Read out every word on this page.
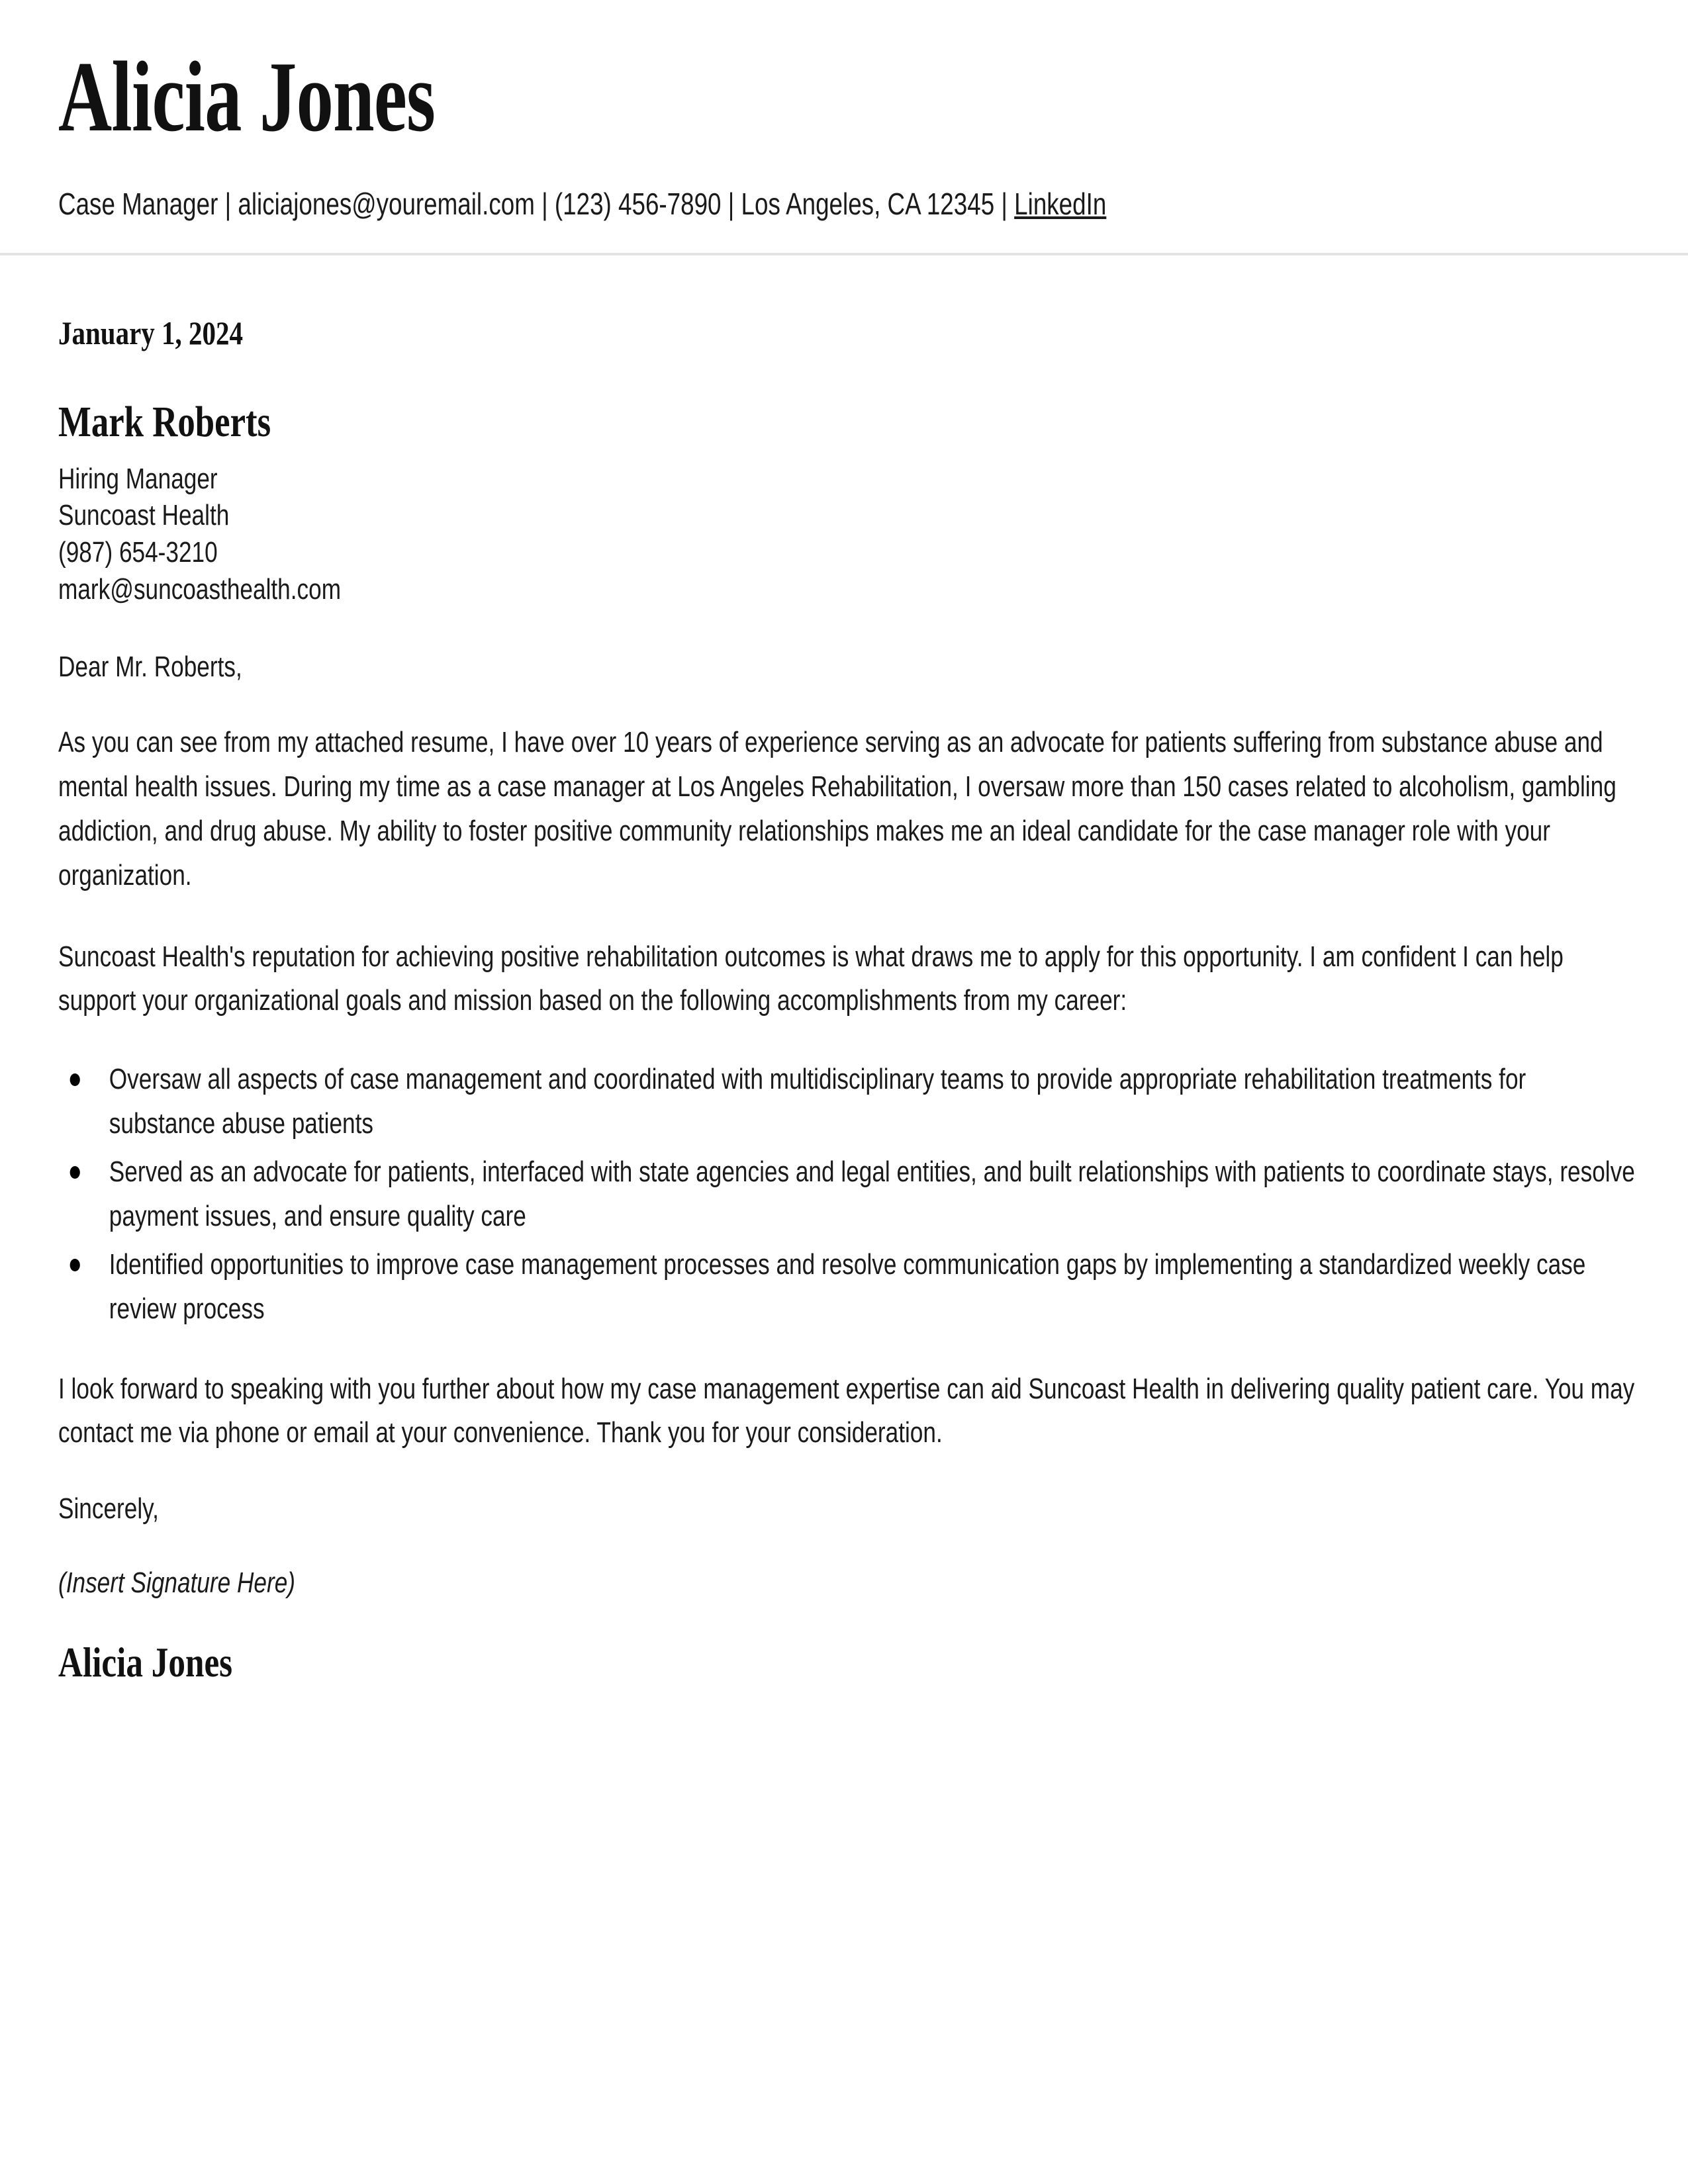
Alicia Jones
Case Manager | aliciajones@youremail.com | (123) 456-7890 | Los Angeles, CA 12345 | LinkedIn
January 1, 2024
Mark Roberts
Hiring Manager
Suncoast Health
(987) 654-3210
mark@suncoasthealth.com
Dear Mr. Roberts,
As you can see from my attached resume, I have over 10 years of experience serving as an advocate for patients suffering from substance abuse and mental health issues. During my time as a case manager at Los Angeles Rehabilitation, I oversaw more than 150 cases related to alcoholism, gambling addiction, and drug abuse. My ability to foster positive community relationships makes me an ideal candidate for the case manager role with your organization.
Suncoast Health's reputation for achieving positive rehabilitation outcomes is what draws me to apply for this opportunity. I am confident I can help support your organizational goals and mission based on the following accomplishments from my career:
Oversaw all aspects of case management and coordinated with multidisciplinary teams to provide appropriate rehabilitation treatments for substance abuse patients
Served as an advocate for patients, interfaced with state agencies and legal entities, and built relationships with patients to coordinate stays, resolve payment issues, and ensure quality care
Identified opportunities to improve case management processes and resolve communication gaps by implementing a standardized weekly case review process
I look forward to speaking with you further about how my case management expertise can aid Suncoast Health in delivering quality patient care. You may contact me via phone or email at your convenience. Thank you for your consideration.
Sincerely,
(Insert Signature Here)
Alicia Jones
